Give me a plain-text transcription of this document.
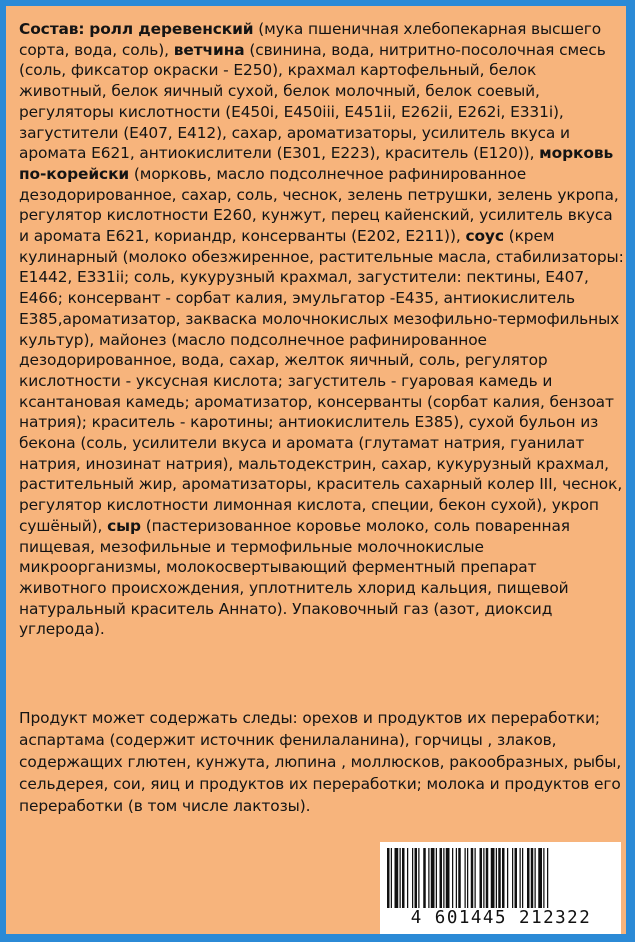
Состав: ролл деревенский (мука пшеничная хлебопекарная высшего сорта, вода, соль), ветчина (свинина, вода, нитритно-посолочная смесь (соль, фиксатор окраски - Е250), крахмал картофельный, белок животный, белок яичный сухой, белок молочный, белок соевый, регуляторы кислотности (Е450i, Е450iii, Е451ii, Е262ii, Е262i, Е331i), загустители (Е407, Е412), сахар, ароматизаторы, усилитель вкуса и аромата Е621, антиокислители (Е301, Е223), краситель (Е120)), морковь по-корейски (морковь, масло подсолнечное рафинированное дезодорированное, сахар, соль, чеснок, зелень петрушки, зелень укропа, регулятор кислотности Е260, кунжут, перец кайенский, усилитель вкуса и аромата Е621, кориандр, консерванты (Е202, Е211)), соус (крем кулинарный (молоко обезжиренное, растительные масла, стабилизаторы: Е1442, Е331ii; соль, кукурузный крахмал, загустители: пектины, Е407, Е466; консервант - сорбат калия, эмульгатор -Е435, антиокислитель Е385,ароматизатор, закваска молочнокислых мезофильно-термофильных культур), майонез (масло подсолнечное рафинированное дезодорированное, вода, сахар, желток яичный, соль, регулятор кислотности - уксусная кислота; загуститель - гуаровая камедь и ксантановая камедь; ароматизатор, консерванты (сорбат калия, бензоат натрия); краситель - каротины; антиокислитель Е385), сухой бульон из бекона (соль, усилители вкуса и аромата (глутамат натрия, гуанилат натрия, инозинат натрия), мальтодекстрин, сахар, кукурузный крахмал, растительный жир, ароматизаторы, краситель сахарный колер III, чеснок, регулятор кислотности лимонная кислота, специи, бекон сухой), укроп сушёный), сыр (пастеризованное коровье молоко, соль поваренная пищевая, мезофильные и термофильные молочнокислые микроорганизмы, молокосвертывающий ферментный препарат животного происхождения, уплотнитель хлорид кальция, пищевой натуральный краситель Аннато). Упаковочный газ (азот, диоксид углерода).
Продукт может содержать следы: орехов и продуктов их переработки; аспартама (содержит источник фенилаланина), горчицы , злаков, содержащих глютен, кунжута, люпина , моллюсков, ракообразных, рыбы, сельдерея, сои, яиц и продуктов их переработки; молока и продуктов его переработки (в том числе лактозы).
4 601445 212322
